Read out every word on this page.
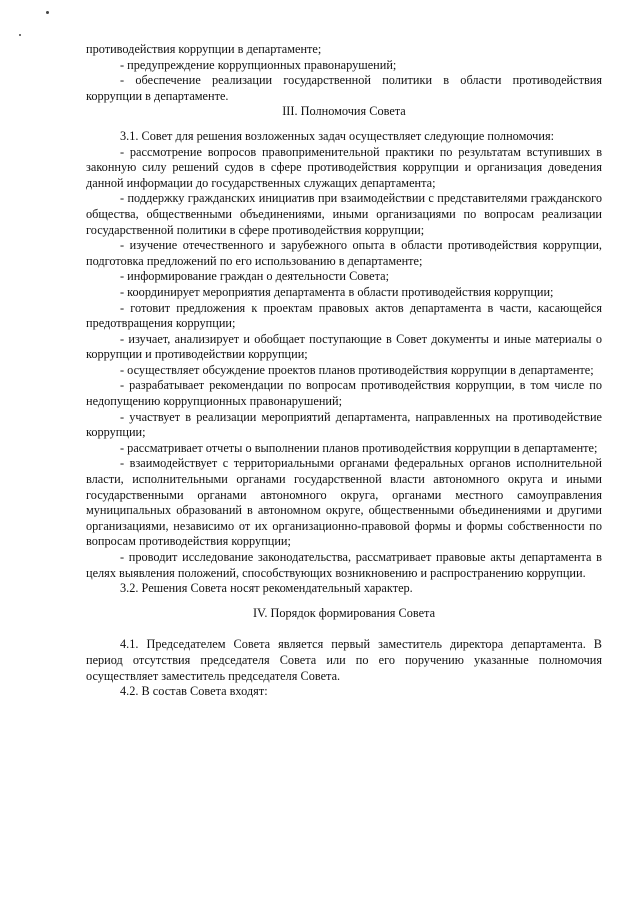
противодействия коррупции в департаменте;

- предупреждение коррупционных правонарушений;

- обеспечение реализации государственной политики в области противодействия коррупции в департаменте.

III. Полномочия Совета

3.1. Совет для решения возложенных задач осуществляет следующие полномочия:

- рассмотрение вопросов правоприменительной практики по результатам вступивших в законную силу решений судов в сфере противодействия коррупции и организация доведения данной информации до государственных служащих департамента;

- поддержку гражданских инициатив при взаимодействии с представителями гражданского общества, общественными объединениями, иными организациями по вопросам реализации государственной политики в сфере противодействия коррупции;

- изучение отечественного и зарубежного опыта в области противодействия коррупции, подготовка предложений по его использованию в департаменте;

- информирование граждан о деятельности Совета;

- координирует мероприятия департамента в области противодействия коррупции;

- готовит предложения к проектам правовых актов департамента в части, касающейся предотвращения коррупции;

- изучает, анализирует и обобщает поступающие в Совет документы и иные материалы о коррупции и противодействии коррупции;

- осуществляет обсуждение проектов планов противодействия коррупции в департаменте;

- разрабатывает рекомендации по вопросам противодействия коррупции, в том числе по недопущению коррупционных правонарушений;

- участвует в реализации мероприятий департамента, направленных на противодействие коррупции;

- рассматривает отчеты о выполнении планов противодействия коррупции в департаменте;

- взаимодействует с территориальными органами федеральных органов исполнительной власти, исполнительными органами государственной власти автономного округа и иными государственными органами автономного округа, органами местного самоуправления муниципальных образований в автономном округе, общественными объединениями и другими организациями, независимо от их организационно-правовой формы и формы собственности по вопросам противодействия коррупции;

- проводит исследование законодательства, рассматривает правовые акты департамента в целях выявления положений, способствующих возникновению и распространению коррупции.

3.2. Решения Совета носят рекомендательный характер.

IV. Порядок формирования Совета

4.1. Председателем Совета является первый заместитель директора департамента. В период отсутствия председателя Совета или по его поручению указанные полномочия осуществляет заместитель председателя Совета.

4.2. В состав Совета входят:
